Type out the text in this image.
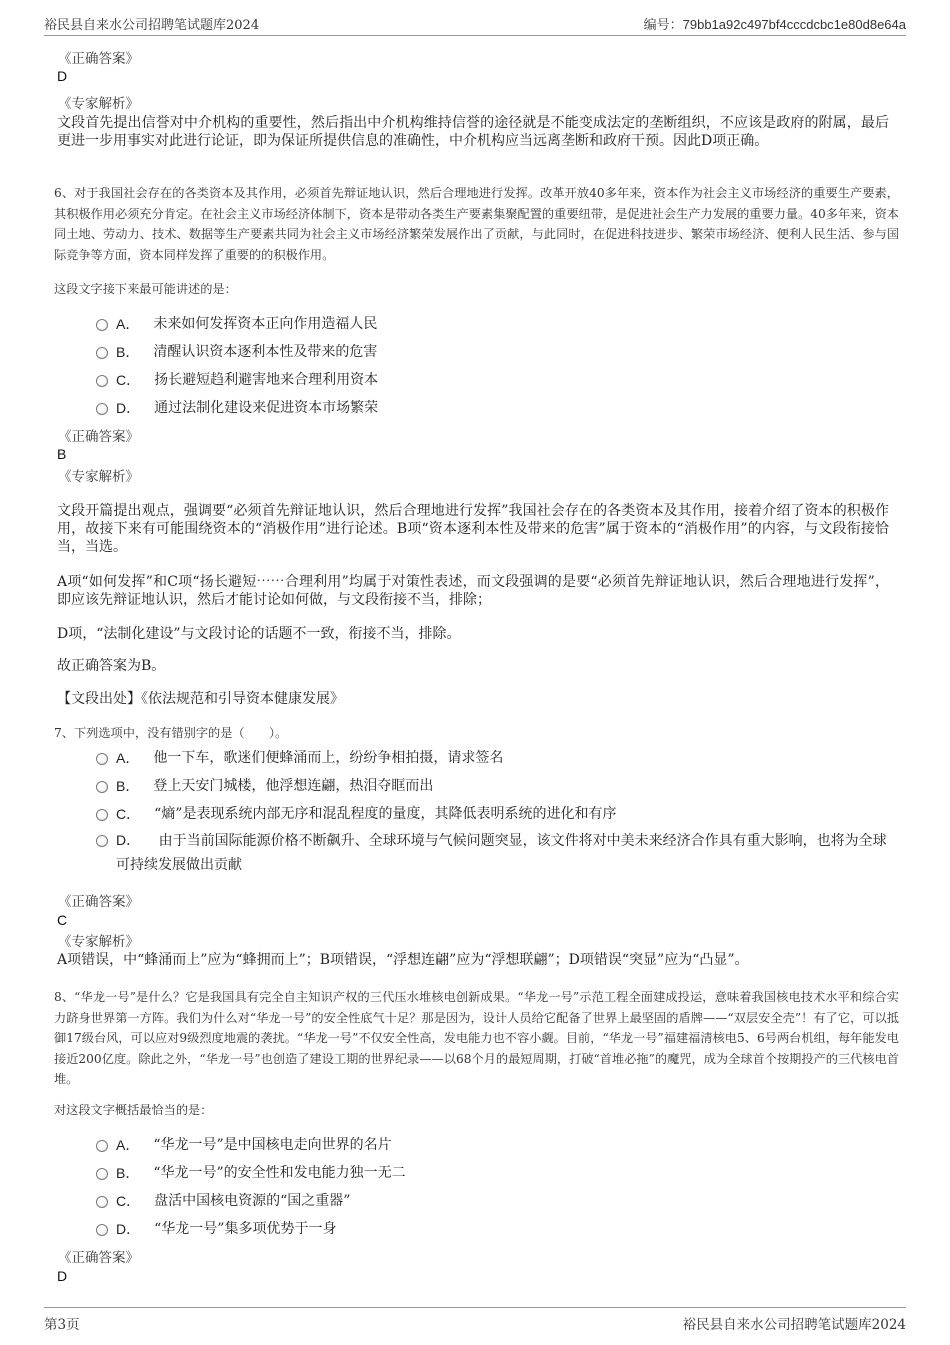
裕民县自来水公司招聘笔试题库2024	编号：79bb1a92c497bf4cccdcbc1e80d8e64a
《正确答案》
D
《专家解析》
文段首先提出信誉对中介机构的重要性，然后指出中介机构维持信誉的途径就是不能变成法定的垄断组织，不应该是政府的附属，最后更进一步用事实对此进行论证，即为保证所提供信息的准确性，中介机构应当远离垄断和政府干预。因此D项正确。
6、对于我国社会存在的各类资本及其作用，必须首先辩证地认识，然后合理地进行发挥。改革开放40多年来，资本作为社会主义市场经济的重要生产要素，其积极作用必须充分肯定。在社会主义市场经济体制下，资本是带动各类生产要素集聚配置的重要纽带，是促进社会生产力发展的重要力量。40多年来，资本同土地、劳动力、技术、数据等生产要素共同为社会主义市场经济繁荣发展作出了贡献，与此同时，在促进科技进步、繁荣市场经济、便利人民生活、参与国际竞争等方面，资本同样发挥了重要的的积极作用。
这段文字接下来最可能讲述的是：
A． 未来如何发挥资本正向作用造福人民
B． 清醒认识资本逐利本性及带来的危害
C． 扬长避短趋利避害地来合理利用资本
D． 通过法制化建设来促进资本市场繁荣
《正确答案》
B
《专家解析》
文段开篇提出观点，强调要“必须首先辩证地认识，然后合理地进行发挥”我国社会存在的各类资本及其作用，接着介绍了资本的积极作用，故接下来有可能围绕资本的“消极作用”进行论述。B项“资本逐利本性及带来的危害”属于资本的“消极作用”的内容，与文段衔接恰当，当选。
A项“如何发挥”和C项“扬长避短⋯⋯合理利用”均属于对策性表述，而文段强调的是要“必须首先辩证地认识，然后合理地进行发挥”，即应该先辩证地认识，然后才能讨论如何做，与文段衔接不当，排除；
D项，“法制化建设”与文段讨论的话题不一致，衔接不当，排除。
故正确答案为B。
【文段出处】《依法规范和引导资本健康发展》
7、下列选项中，没有错别字的是（　　）。
A． 他一下车，歌迷们便蜂涌而上，纷纷争相拍摄，请求签名
B． 登上天安门城楼，他浮想连翩，热泪夺眶而出
C． “熵”是表现系统内部无序和混乱程度的量度，其降低表明系统的进化和有序
D． 由于当前国际能源价格不断飙升、全球环境与气候问题突显，该文件将对中美未来经济合作具有重大影响，也将为全球可持续发展做出贡献
《正确答案》
C
《专家解析》
A项错误，中“蜂涌而上”应为“蜂拥而上”；B项错误，“浮想连翩”应为“浮想联翩”；D项错误“突显”应为“凸显”。
8、“华龙一号”是什么？它是我国具有完全自主知识产权的三代压水堆核电创新成果。“华龙一号”示范工程全面建成投运，意味着我国核电技术水平和综合实力跻身世界第一方阵。我们为什么对“华龙一号”的安全性底气十足？那是因为，设计人员给它配备了世界上最坚固的盾牌——“双层安全壳”！有了它，可以抵御17级台风，可以应对9级烈度地震的袭扰。“华龙一号”不仅安全性高，发电能力也不容小觑。目前，“华龙一号”福建福清核电5、6号两台机组，每年能发电接近200亿度。除此之外，“华龙一号”也创造了建设工期的世界纪录——以68个月的最短周期，打破“首堆必拖”的魔咒，成为全球首个按期投产的三代核电首堆。
对这段文字概括最恰当的是：
A． “华龙一号”是中国核电走向世界的名片
B． “华龙一号”的安全性和发电能力独一无二
C． 盘活中国核电资源的“国之重器”
D． “华龙一号”集多项优势于一身
《正确答案》
D
第3页	裕民县自来水公司招聘笔试题库2024
